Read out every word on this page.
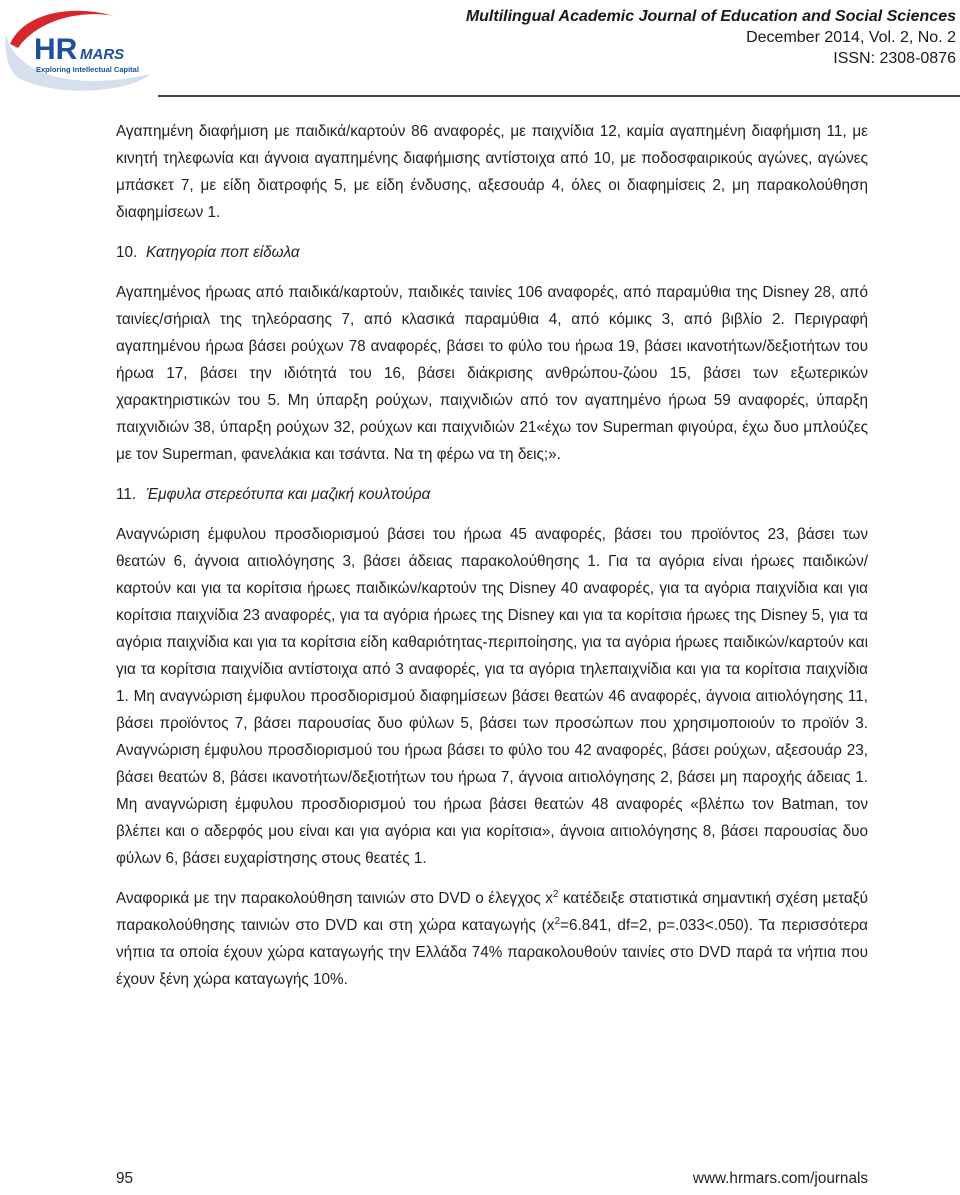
HR MARS
Exploring Intellectual Capital
Multilingual Academic Journal of Education and Social Sciences
December 2014, Vol. 2, No. 2
ISSN: 2308-0876

Αγαπημένη διαφήμιση με παιδικά/καρτούν 86 αναφορές, με παιχνίδια 12, καμία αγαπημένη διαφήμιση 11, με κινητή τηλεφωνία και άγνοια αγαπημένης διαφήμισης αντίστοιχα από 10, με ποδοσφαιρικούς αγώνες, αγώνες μπάσκετ 7, με είδη διατροφής 5, με είδη ένδυσης, αξεσουάρ 4, όλες οι διαφημίσεις 2, μη παρακολούθηση διαφημίσεων 1.

10. Κατηγορία ποπ είδωλα

Αγαπημένος ήρωας από παιδικά/καρτούν, παιδικές ταινίες 106 αναφορές, από παραμύθια της Disney 28, από ταινίες/σήριαλ της τηλεόρασης 7, από κλασικά παραμύθια 4, από κόμικς 3, από βιβλίο 2. Περιγραφή αγαπημένου ήρωα βάσει ρούχων 78 αναφορές, βάσει το φύλο του ήρωα 19, βάσει ικανοτήτων/δεξιοτήτων του ήρωα 17, βάσει την ιδιότητά του 16, βάσει διάκρισης ανθρώπου-ζώου 15, βάσει των εξωτερικών χαρακτηριστικών του 5. Μη ύπαρξη ρούχων, παιχνιδιών από τον αγαπημένο ήρωα 59 αναφορές, ύπαρξη παιχνιδιών 38, ύπαρξη ρούχων 32, ρούχων και παιχνιδιών 21«έχω τον Superman φιγούρα, έχω δυο μπλούζες με τον Superman, φανελάκια και τσάντα. Να τη φέρω να τη δεις;».

11. Έμφυλα στερεότυπα και μαζική κουλτούρα

Αναγνώριση έμφυλου προσδιορισμού βάσει του ήρωα 45 αναφορές, βάσει του προϊόντος 23, βάσει των θεατών 6, άγνοια αιτιολόγησης 3, βάσει άδειας παρακολούθησης 1. Για τα αγόρια είναι ήρωες παιδικών/ καρτούν και για τα κορίτσια ήρωες παιδικών/καρτούν της Disney 40 αναφορές, για τα αγόρια παιχνίδια και για κορίτσια παιχνίδια 23 αναφορές, για τα αγόρια ήρωες της Disney και για τα κορίτσια ήρωες της Disney 5, για τα αγόρια παιχνίδια και για τα κορίτσια είδη καθαριότητας-περιποίησης, για τα αγόρια ήρωες παιδικών/καρτούν και για τα κορίτσια παιχνίδια αντίστοιχα από 3 αναφορές, για τα αγόρια τηλεπαιχνίδια και για τα κορίτσια παιχνίδια 1. Μη αναγνώριση έμφυλου προσδιορισμού διαφημίσεων βάσει θεατών 46 αναφορές, άγνοια αιτιολόγησης 11, βάσει προϊόντος 7, βάσει παρουσίας δυο φύλων 5, βάσει των προσώπων που χρησιμοποιούν το προϊόν 3. Αναγνώριση έμφυλου προσδιορισμού του ήρωα βάσει το φύλο του 42 αναφορές, βάσει ρούχων, αξεσουάρ 23, βάσει θεατών 8, βάσει ικανοτήτων/δεξιοτήτων του ήρωα 7, άγνοια αιτιολόγησης 2, βάσει μη παροχής άδειας 1. Μη αναγνώριση έμφυλου προσδιορισμού του ήρωα βάσει θεατών 48 αναφορές «βλέπω τον Batman, τον βλέπει και ο αδερφός μου είναι και για αγόρια και για κορίτσια», άγνοια αιτιολόγησης 8, βάσει παρουσίας δυο φύλων 6, βάσει ευχαρίστησης στους θεατές 1.

Αναφορικά με την παρακολούθηση ταινιών στο DVD ο έλεγχος $x^2$ κατέδειξε στατιστικά σημαντική σχέση μεταξύ παρακολούθησης ταινιών στο DVD και στη χώρα καταγωγής ($x^2=6.841$, df=2, p=.033<.050). Τα περισσότερα νήπια τα οποία έχουν χώρα καταγωγής την Ελλάδα 74% παρακολουθούν ταινίες στο DVD παρά τα νήπια που έχουν ξένη χώρα καταγωγής 10%.

95	www.hrmars.com/journals
